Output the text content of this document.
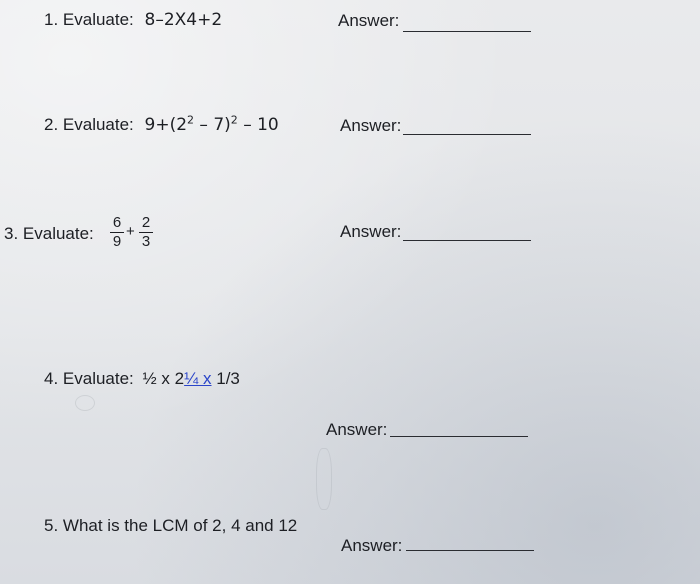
1. Evaluate: 8–2X4+2	Answer:
2. Evaluate: $9+(2^2 - 7)^2 - 10$	Answer:
3. Evaluate:
6
9
+
2
3
Answer:
4. Evaluate: ½ x 2¼ x 1/3
Answer:
5. What is the LCM of 2, 4 and 12
Answer:
